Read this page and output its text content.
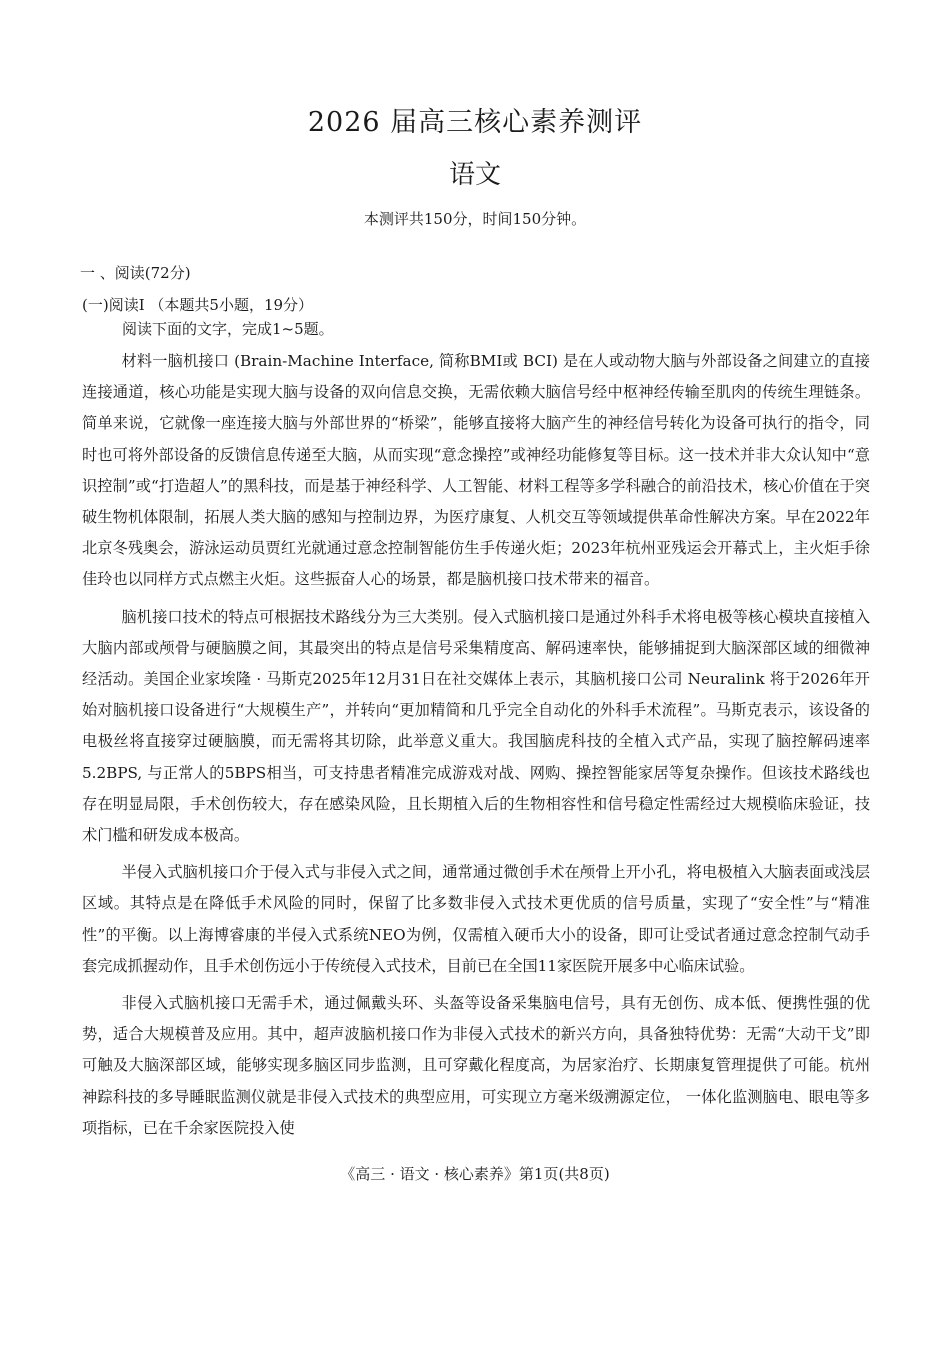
2026 届高三核心素养测评
语文
本测评共150分，时间150分钟。
一 、阅读(72分)
(一)阅读I （本题共5小题，19分）
阅读下面的文字，完成1~5题。

材料一脑机接口 (Brain-Machine Interface, 简称BMI或 BCI) 是在人或动物大脑与外部设备之间建立的直接连接通道，核心功能是实现大脑与设备的双向信息交换，无需依赖大脑信号经中枢神经传输至肌肉的传统生理链条。简单来说，它就像一座连接大脑与外部世界的“桥梁”，能够直接将大脑产生的神经信号转化为设备可执行的指令，同时也可将外部设备的反馈信息传递至大脑，从而实现“意念操控”或神经功能修复等目标。这一技术并非大众认知中“意识控制”或“打造超人”的黑科技，而是基于神经科学、人工智能、材料工程等多学科融合的前沿技术，核心价值在于突破生物机体限制，拓展人类大脑的感知与控制边界，为医疗康复、人机交互等领域提供革命性解决方案。早在2022年北京冬残奥会，游泳运动员贾红光就通过意念控制智能仿生手传递火炬；2023年杭州亚残运会开幕式上，主火炬手徐佳玲也以同样方式点燃主火炬。这些振奋人心的场景，都是脑机接口技术带来的福音。

脑机接口技术的特点可根据技术路线分为三大类别。侵入式脑机接口是通过外科手术将电极等核心模块直接植入大脑内部或颅骨与硬脑膜之间，其最突出的特点是信号采集精度高、解码速率快，能够捕捉到大脑深部区域的细微神经活动。美国企业家埃隆 · 马斯克2025年12月31日在社交媒体上表示，其脑机接口公司 Neuralink 将于2026年开始对脑机接口设备进行“大规模生产”，并转向“更加精简和几乎完全自动化的外科手术流程”。马斯克表示，该设备的电极丝将直接穿过硬脑膜，而无需将其切除，此举意义重大。我国脑虎科技的全植入式产品，实现了脑控解码速率5.2BPS, 与正常人的5BPS相当，可支持患者精准完成游戏对战、网购、操控智能家居等复杂操作。但该技术路线也存在明显局限，手术创伤较大，存在感染风险，且长期植入后的生物相容性和信号稳定性需经过大规模临床验证，技术门槛和研发成本极高。

半侵入式脑机接口介于侵入式与非侵入式之间，通常通过微创手术在颅骨上开小孔，将电极植入大脑表面或浅层区域。其特点是在降低手术风险的同时，保留了比多数非侵入式技术更优质的信号质量，实现了“安全性”与“精准性”的平衡。以上海博睿康的半侵入式系统NEO为例，仅需植入硬币大小的设备，即可让受试者通过意念控制气动手套完成抓握动作，且手术创伤远小于传统侵入式技术，目前已在全国11家医院开展多中心临床试验。

非侵入式脑机接口无需手术，通过佩戴头环、头盔等设备采集脑电信号，具有无创伤、成本低、便携性强的优势，适合大规模普及应用。其中，超声波脑机接口作为非侵入式技术的新兴方向，具备独特优势：无需“大动干戈”即可触及大脑深部区域，能够实现多脑区同步监测，且可穿戴化程度高，为居家治疗、长期康复管理提供了可能。杭州神踪科技的多导睡眠监测仪就是非侵入式技术的典型应用，可实现立方毫米级溯源定位， 一体化监测脑电、眼电等多项指标，已在千余家医院投入使

《高三 · 语文 · 核心素养》第1页(共8页)
